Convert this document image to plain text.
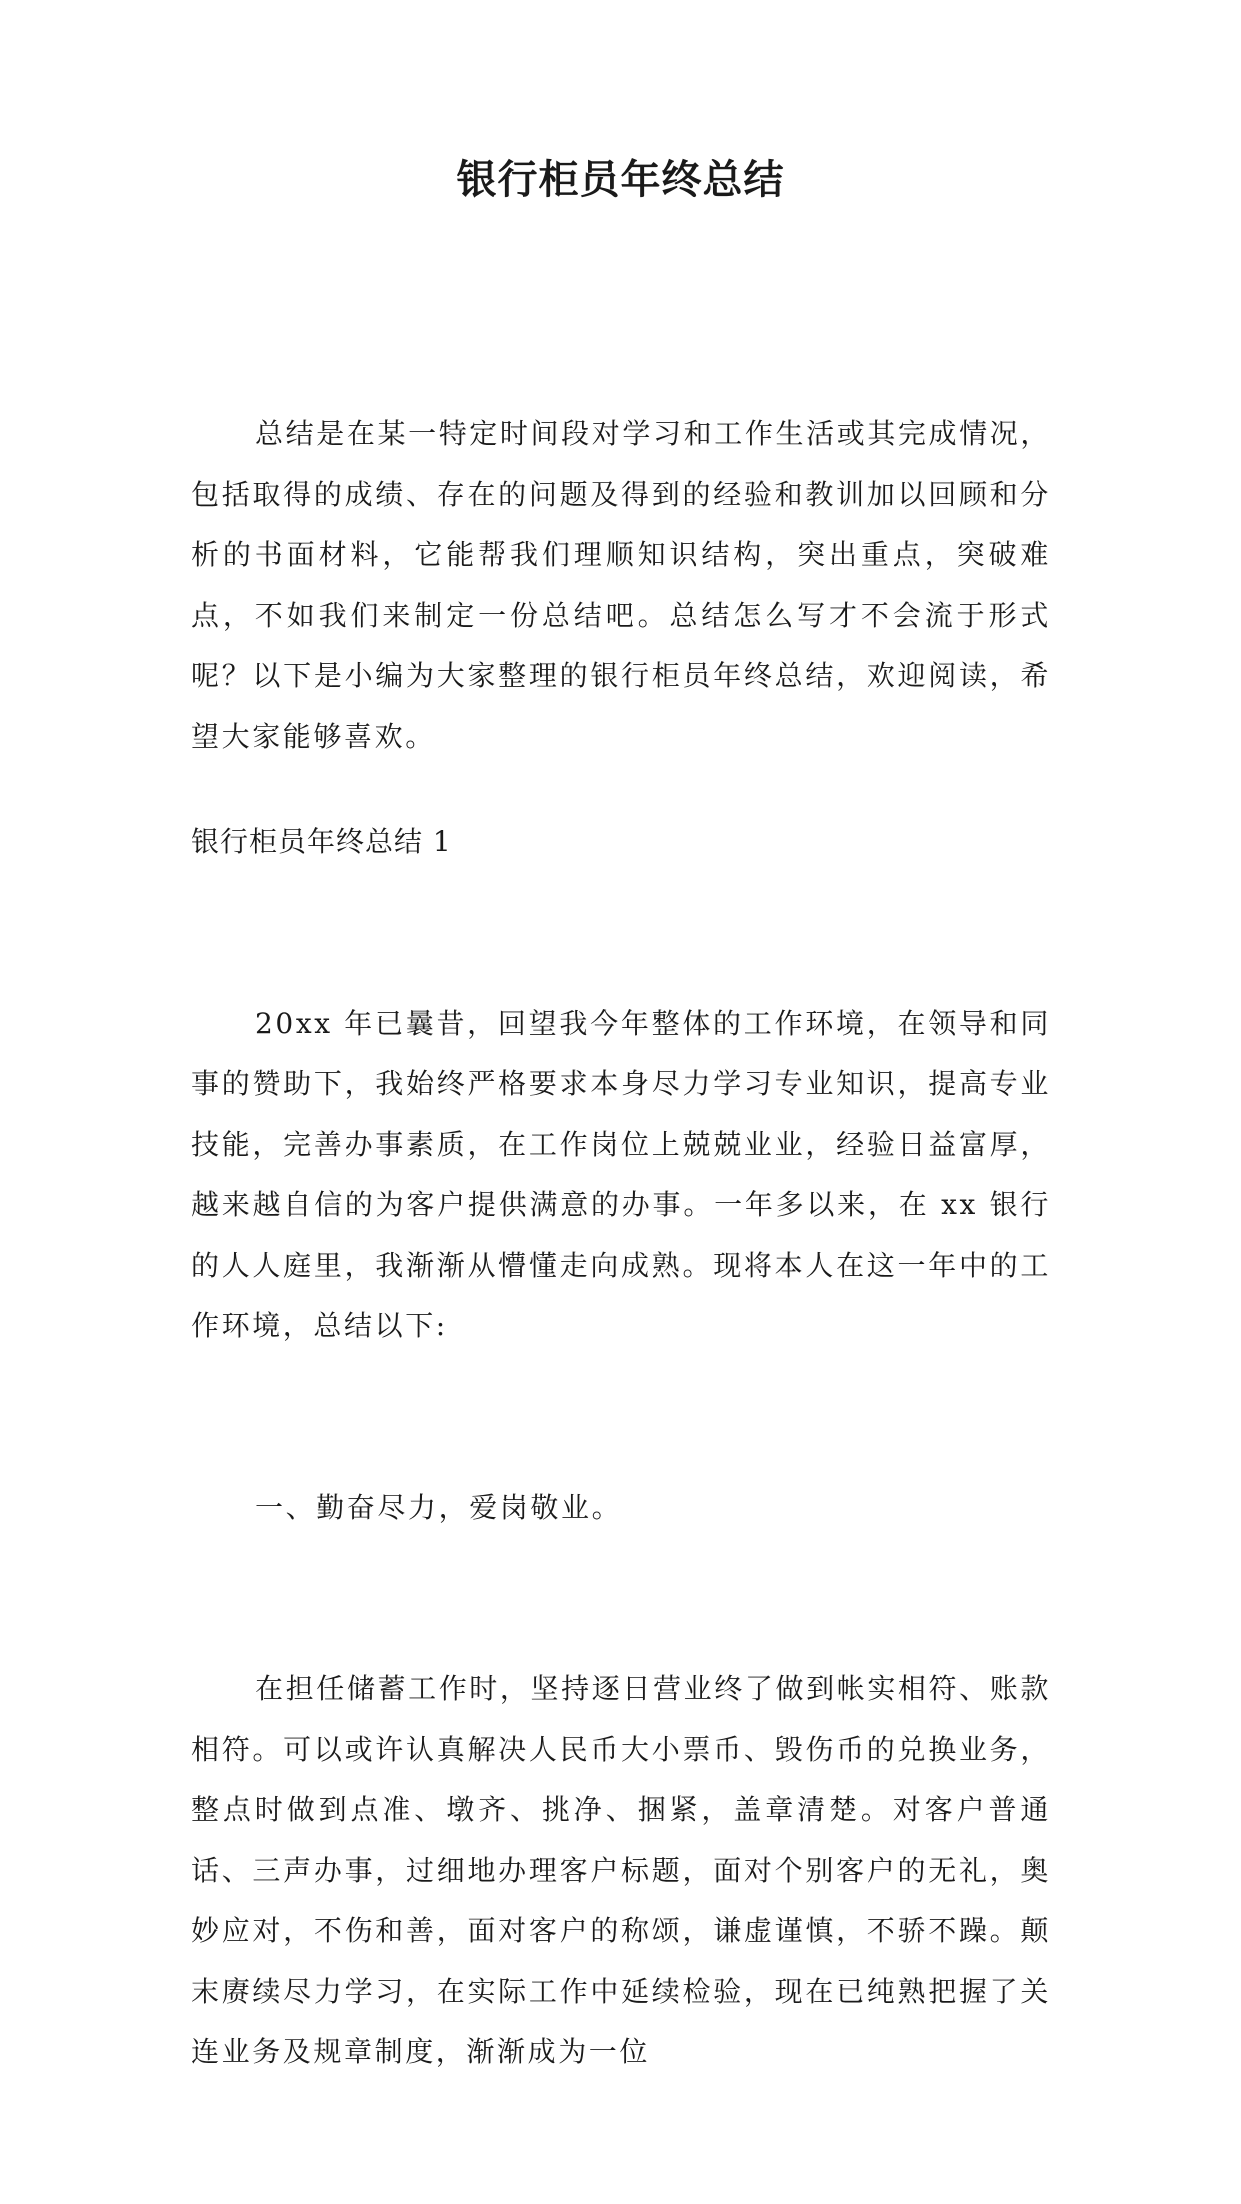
银行柜员年终总结

总结是在某一特定时间段对学习和工作生活或其完成情况，包括取得的成绩、存在的问题及得到的经验和教训加以回顾和分析的书面材料，它能帮我们理顺知识结构，突出重点，突破难点，不如我们来制定一份总结吧。总结怎么写才不会流于形式呢？以下是小编为大家整理的银行柜员年终总结，欢迎阅读，希望大家能够喜欢。

银行柜员年终总结 1

20xx 年已曩昔，回望我今年整体的工作环境，在领导和同事的赞助下，我始终严格要求本身尽力学习专业知识，提高专业技能，完善办事素质，在工作岗位上兢兢业业，经验日益富厚，越来越自信的为客户提供满意的办事。一年多以来，在 xx 银行的人人庭里，我渐渐从懵懂走向成熟。现将本人在这一年中的工作环境，总结以下:

一、勤奋尽力，爱岗敬业。

在担任储蓄工作时，坚持逐日营业终了做到帐实相符、账款相符。可以或许认真解决人民币大小票币、毁伤币的兑换业务，整点时做到点准、墩齐、挑净、捆紧，盖章清楚。对客户普通话、三声办事，过细地办理客户标题，面对个别客户的无礼，奥妙应对，不伤和善，面对客户的称颂，谦虚谨慎，不骄不躁。颠末赓续尽力学习，在实际工作中延续检验，现在已纯熟把握了关连业务及规章制度，渐渐成为一位
